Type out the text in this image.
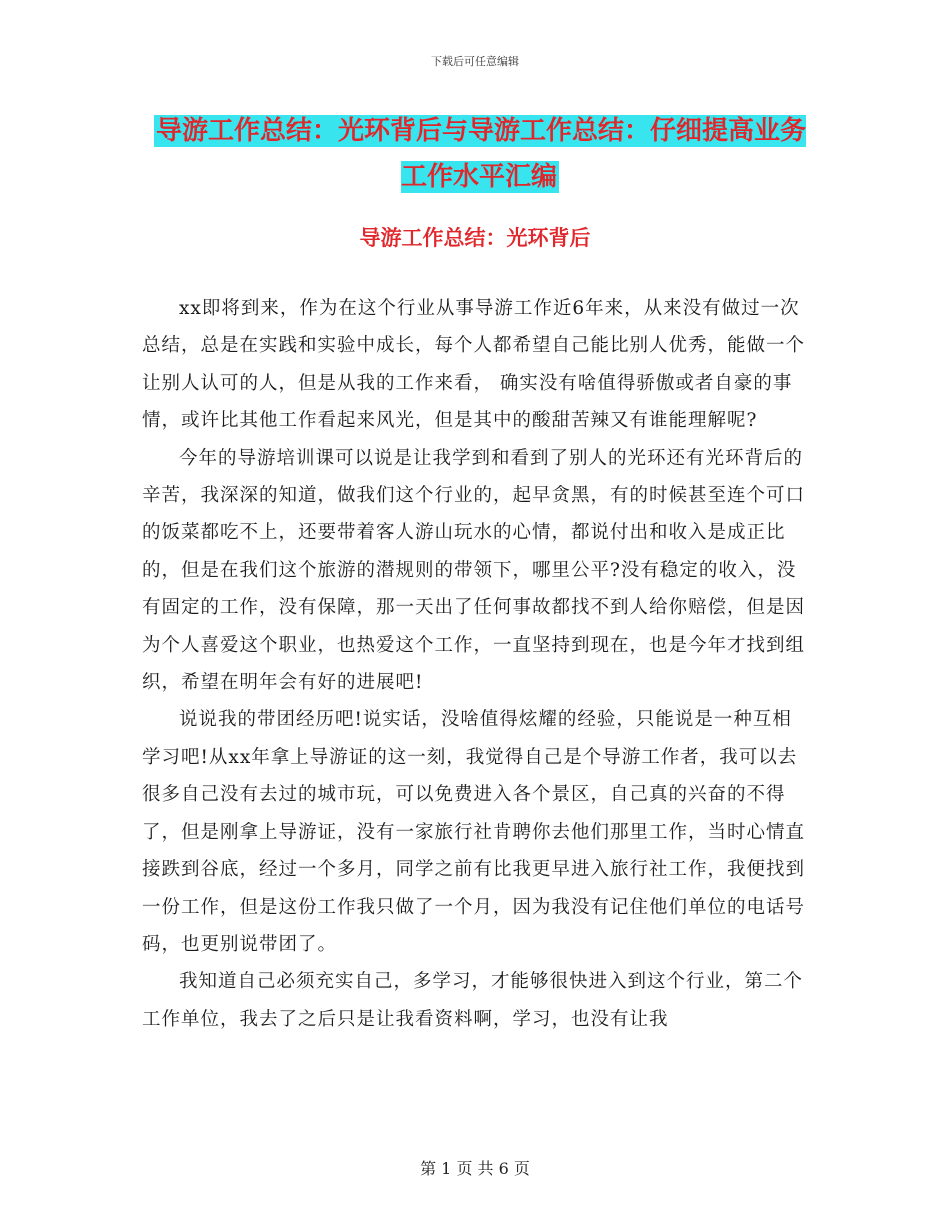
下载后可任意编辑
导游工作总结：光环背后与导游工作总结：仔细提高业务工作水平汇编
导游工作总结：光环背后

xx即将到来，作为在这个行业从事导游工作近6年来，从来没有做过一次总结，总是在实践和实验中成长，每个人都希望自己能比别人优秀，能做一个让别人认可的人，但是从我的工作来看， 确实没有啥值得骄傲或者自豪的事情，或许比其他工作看起来风光，但是其中的酸甜苦辣又有谁能理解呢?

今年的导游培训课可以说是让我学到和看到了别人的光环还有光环背后的辛苦，我深深的知道，做我们这个行业的，起早贪黑，有的时候甚至连个可口的饭菜都吃不上，还要带着客人游山玩水的心情，都说付出和收入是成正比的，但是在我们这个旅游的潜规则的带领下，哪里公平?没有稳定的收入，没有固定的工作，没有保障，那一天出了任何事故都找不到人给你赔偿，但是因为个人喜爱这个职业，也热爱这个工作，一直坚持到现在，也是今年才找到组织，希望在明年会有好的进展吧!

说说我的带团经历吧!说实话，没啥值得炫耀的经验，只能说是一种互相学习吧!从xx年拿上导游证的这一刻，我觉得自己是个导游工作者，我可以去很多自己没有去过的城市玩，可以免费进入各个景区，自己真的兴奋的不得了，但是刚拿上导游证，没有一家旅行社肯聘你去他们那里工作，当时心情直接跌到谷底，经过一个多月，同学之前有比我更早进入旅行社工作，我便找到一份工作，但是这份工作我只做了一个月，因为我没有记住他们单位的电话号码，也更别说带团了。

我知道自己必须充实自己，多学习，才能够很快进入到这个行业，第二个工作单位，我去了之后只是让我看资料啊，学习，也没有让我

第 1 页 共 6 页
